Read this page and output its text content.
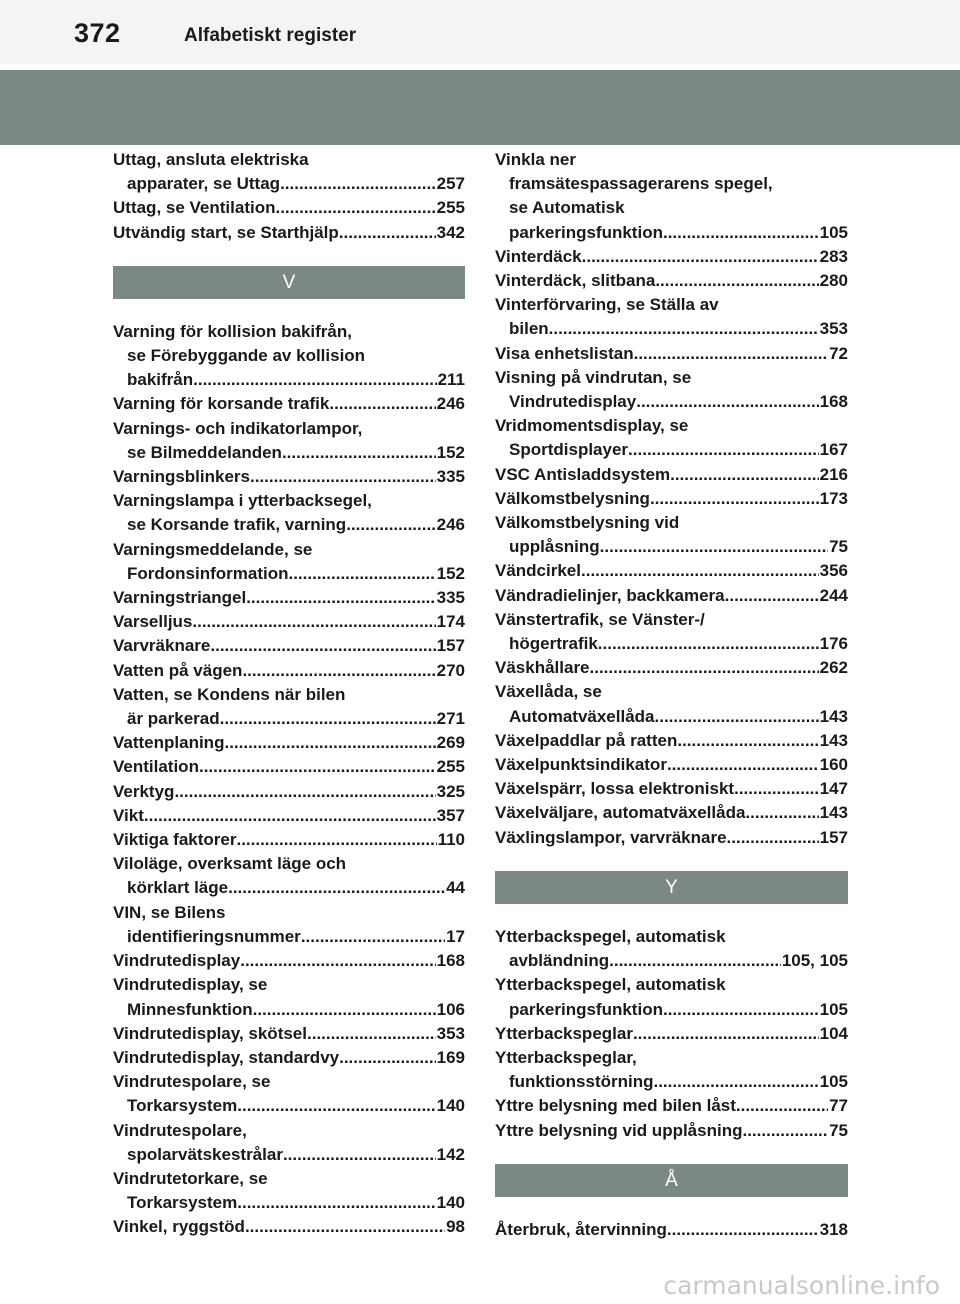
372	Alfabetiskt register
Uttag, ansluta elektriska
apparater, se Uttag .....	257
Uttag, se Ventilation .....	255
Utvändig start, se Starthjälp .....	342
V
Varning för kollision bakifrån,
se Förebyggande av kollision
bakifrån .....	211
Varning för korsande trafik .....	246
Varnings- och indikatorlampor,
se Bilmeddelanden .....	152
Varningsblinkers .....	335
Varningslampa i ytterbacksegel,
se Korsande trafik, varning .....	246
Varningsmeddelande, se
Fordonsinformation .....	152
Varningstriangel .....	335
Varselljus .....	174
Varvräknare .....	157
Vatten på vägen .....	270
Vatten, se Kondens när bilen
är parkerad .....	271
Vattenplaning .....	269
Ventilation .....	255
Verktyg .....	325
Vikt .....	357
Viktiga faktorer .....	110
Viloläge, overksamt läge och
körklart läge .....	44
VIN, se Bilens
identifieringsnummer .....	17
Vindrutedisplay .....	168
Vindrutedisplay, se
Minnesfunktion .....	106
Vindrutedisplay, skötsel .....	353
Vindrutedisplay, standardvy .....	169
Vindrutespolare, se
Torkarsystem .....	140
Vindrutespolare,
spolarvätskestrålar .....	142
Vindrutetorkare, se
Torkarsystem .....	140
Vinkel, ryggstöd .....	98
Vinkla ner
framsätespassagerarens spegel,
se Automatisk
parkeringsfunktion .....	105
Vinterdäck .....	283
Vinterdäck, slitbana .....	280
Vinterförvaring, se Ställa av
bilen .....	353
Visa enhetslistan .....	72
Visning på vindrutan, se
Vindrutedisplay .....	168
Vridmomentsdisplay, se
Sportdisplayer .....	167
VSC Antisladdsystem .....	216
Välkomstbelysning .....	173
Välkomstbelysning vid
upplåsning .....	75
Vändcirkel .....	356
Vändradielinjer, backkamera .....	244
Vänstertrafik, se Vänster-/
högertrafik .....	176
Väskhållare .....	262
Växellåda, se
Automatväxellåda .....	143
Växelpaddlar på ratten .....	143
Växelpunktsindikator .....	160
Växelspärr, lossa elektroniskt .....	147
Växelväljare, automatväxellåda .....	143
Växlingslampor, varvräknare .....	157
Y
Ytterbackspegel, automatisk
avbländning .....	105, 105
Ytterbackspegel, automatisk
parkeringsfunktion .....	105
Ytterbackspeglar .....	104
Ytterbackspeglar,
funktionsstörning .....	105
Yttre belysning med bilen låst .....	77
Yttre belysning vid upplåsning .....	75
Å
Återbruk, återvinning .....	318
carmanualsonline.info
